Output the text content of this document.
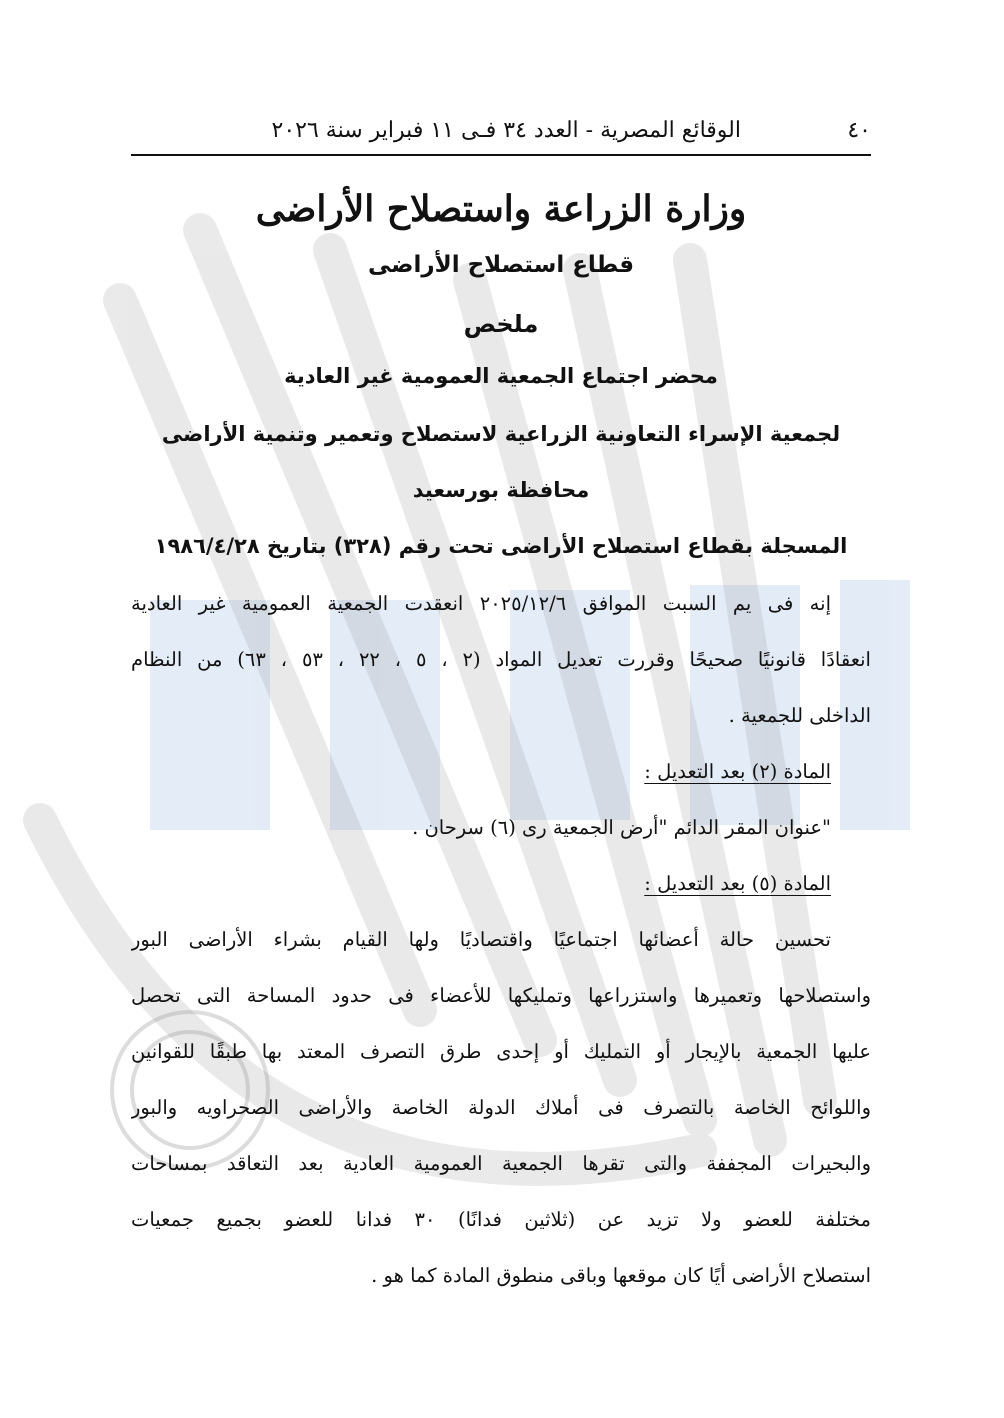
٤٠
الوقائع المصرية - العدد ٣٤ فـى ١١ فبراير سنة ٢٠٢٦
وزارة الزراعة واستصلاح الأراضى
قطاع استصلاح الأراضى
ملخص
محضر اجتماع الجمعية العمومية غير العادية
لجمعية الإسراء التعاونية الزراعية لاستصلاح وتعمير وتنمية الأراضى
محافظة بورسعيد
المسجلة بقطاع استصلاح الأراضى تحت رقم (٣٢٨) بتاريخ ١٩٨٦/٤/٢٨
إنه فى يم السبت الموافق ٢٠٢٥/١٢/٦ انعقدت الجمعية العمومية غير العادية
انعقادًا قانونيًا صحيحًا وقررت تعديل المواد (٢ ، ٥ ، ٢٢ ، ٥٣ ، ٦٣) من النظام
الداخلى للجمعية .
المادة (٢) بعد التعديل :
"عنوان المقر الدائم "أرض الجمعية رى (٦) سرحان .
المادة (٥) بعد التعديل :
تحسين حالة أعضائها اجتماعيًا واقتصاديًا ولها القيام بشراء الأراضى البور
واستصلاحها وتعميرها واستزراعها وتمليكها للأعضاء فى حدود المساحة التى تحصل
عليها الجمعية بالإيجار أو التمليك أو إحدى طرق التصرف المعتد بها طبقًا للقوانين
واللوائح الخاصة بالتصرف فى أملاك الدولة الخاصة والأراضى الصحراويه والبور
والبحيرات المجففة والتى تقرها الجمعية العمومية العادية بعد التعاقد بمساحات
مختلفة للعضو ولا تزيد عن (ثلاثين فدانًا) ٣٠ فدانا للعضو بجميع جمعيات
استصلاح الأراضى أيًا كان موقعها وباقى منطوق المادة كما هو .
